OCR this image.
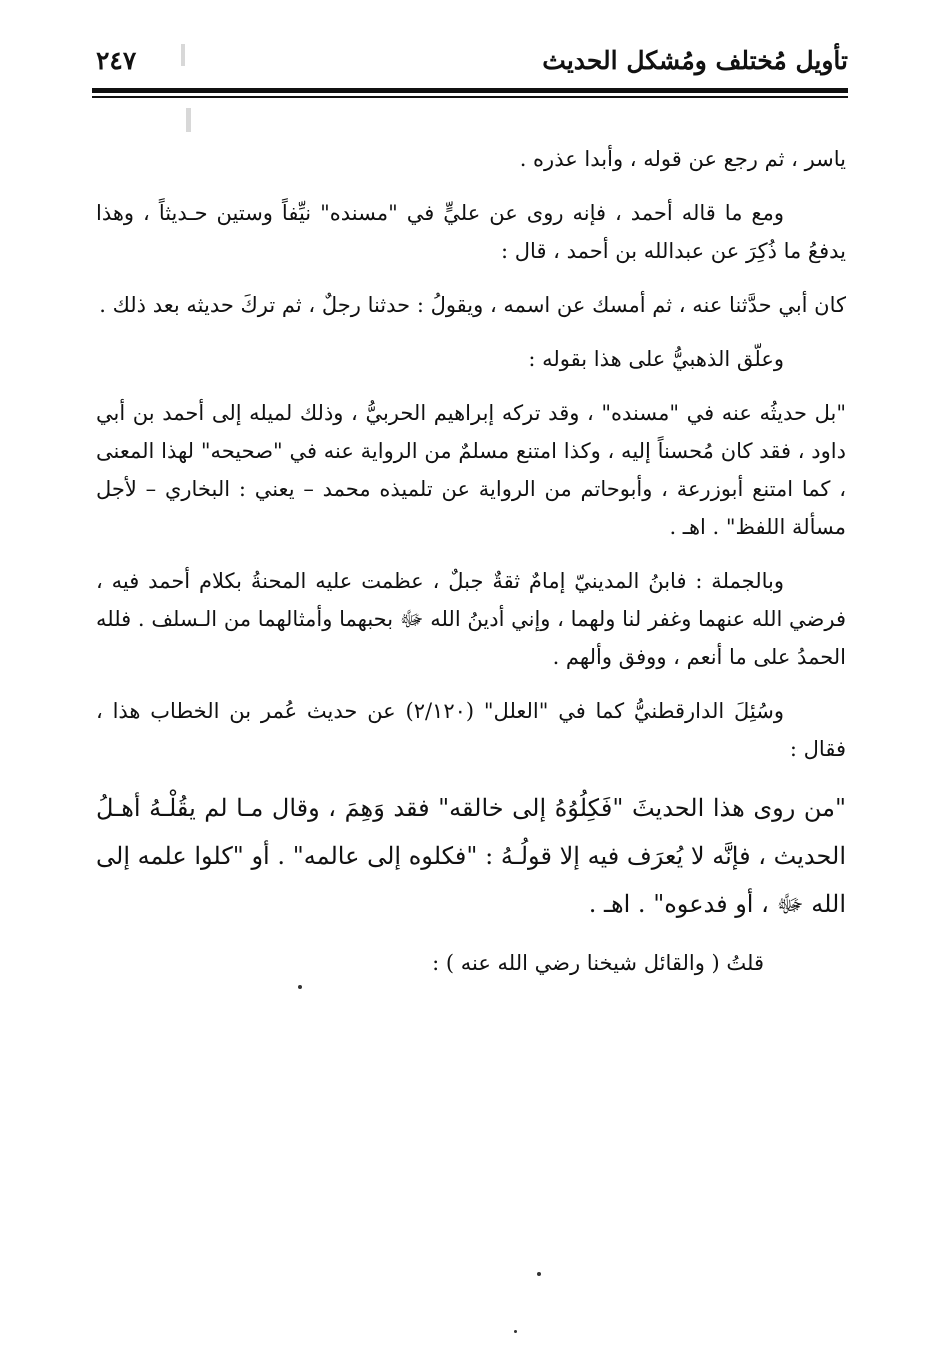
تأويل مُختلف ومُشكل الحديث
٢٤٧

ياسر ، ثم رجع عن قوله ، وأبدا عذره .

ومع ما قاله أحمد ، فإنه روى عن عليٍّ في "مسنده" نيِّفاً وستين حـديثاً ، وهذا يدفعُ ما ذُكِرَ عن عبدالله بن أحمد ، قال :

كان أبي حدَّثنا عنه ، ثم أمسك عن اسمه ، ويقولُ : حدثنا رجلٌ ، ثم تركَ حديثه بعد ذلك .

وعلّق الذهبيُّ على هذا بقوله :

"بل حديثُه عنه في "مسنده" ، وقد تركه إبراهيم الحربيُّ ، وذلك لميله إلى أحمد بن أبي داود ، فقد كان مُحسناً إليه ، وكذا امتنع مسلمٌ من الرواية عنه في "صحيحه" لهذا المعنى ، كما امتنع أبوزرعة ، وأبوحاتم من الرواية عن تلميذه محمد – يعني : البخاري – لأجل مسألة اللفظ" . اهـ .

وبالجملة : فابنُ المدينيّ إمامٌ ثقةٌ جبلٌ ، عظمت عليه المحنةُ بكلام أحمد فيه ، فرضي الله عنهما وغفر لنا ولهما ، وإني أدينُ الله ﷻ بحبهما وأمثالهما من الـسلف . فلله الحمدُ على ما أنعم ، ووفق وألهم .

وسُئِلَ الدارقطنيُّ كما في "العلل" (٢/١٢٠) عن حديث عُمر بن الخطاب هذا ، فقال :

"من روى هذا الحديثَ "فَكِلُوُهُ إلى خالقه" فقد وَهِمَ ، وقال مـا لم يقُلْـهُ أهـلُ الحديث ، فإنَّه لا يُعرَف فيه إلا قولُـهُ : "فكلوه إلى عالمه" . أو "كلوا علمه إلى الله ﷻ ، أو فدعوه" . اهـ .

قلتُ ( والقائل شيخنا رضي الله عنه ) :
